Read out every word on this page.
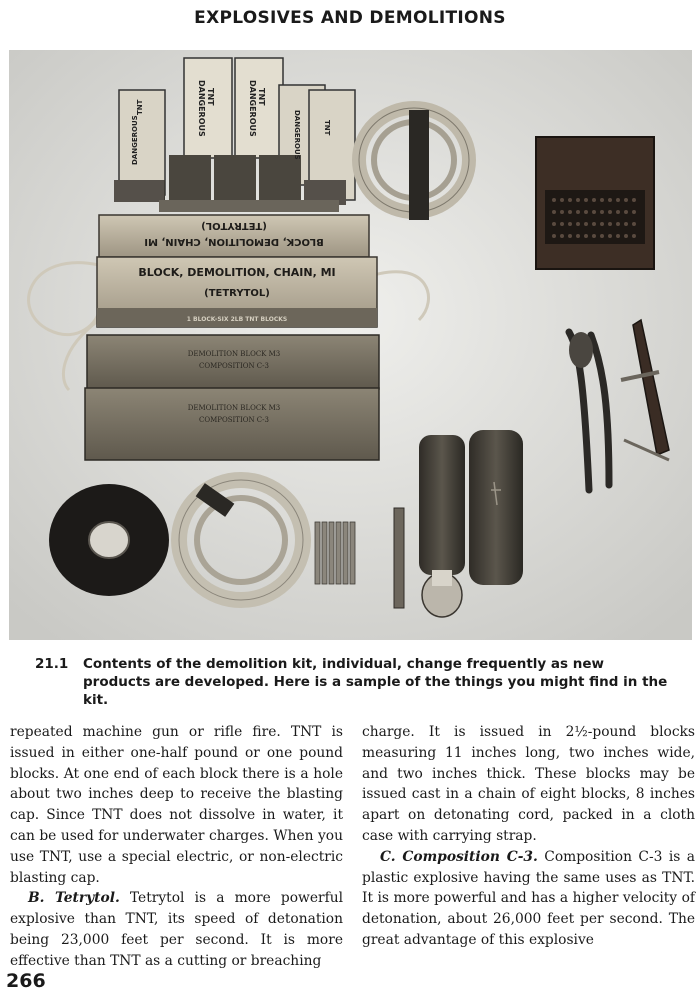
EXPLOSIVES AND DEMOLITIONS
TNT
DANGEROUS	TNT
DANGEROUS
TNT
DANGEROUS	TNT
DANGEROUS
(TETRYTOL)
BLOCK, DEMOLITION, CHAIN, MI
BLOCK, DEMOLITION, CHAIN, MI
(TETRYTOL)
1 BLOCK-SIX 2LB TNT BLOCKS
DEMOLITION BLOCK M3
COMPOSITION C-3
DEMOLITION BLOCK M3
COMPOSITION C-3
21.1 Contents of the demolition kit, individual, change frequently as new products are developed. Here is a sample of the things you might find in the kit.

repeated machine gun or rifle fire. TNT is issued in either one-half pound or one pound blocks. At one end of each block there is a hole about two inches deep to receive the blasting cap. Since TNT does not dissolve in water, it can be used for underwater charges. When you use TNT, use a special electric, or non-electric blasting cap.

B. Tetrytol. Tetrytol is a more powerful explosive than TNT, its speed of detonation being 23,000 feet per second. It is more effective than TNT as a cutting or breaching

charge. It is issued in 2½-pound blocks measuring 11 inches long, two inches wide, and two inches thick. These blocks may be issued cast in a chain of eight blocks, 8 inches apart on detonating cord, packed in a cloth case with carrying strap.

C. Composition C-3. Composition C-3 is a plastic explosive having the same uses as TNT. It is more powerful and has a higher velocity of detonation, about 26,000 feet per second. The great advantage of this explosive

266
